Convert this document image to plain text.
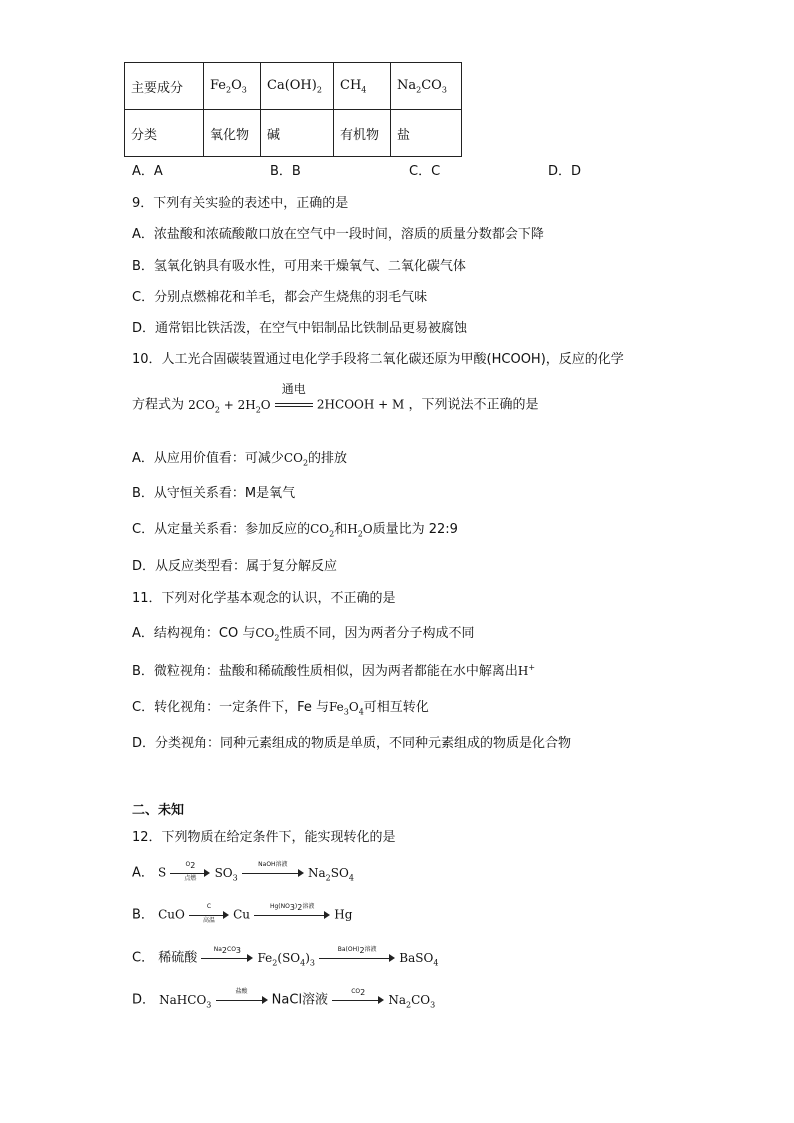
主要成分	$Fe_2O_3$	$Ca(OH)_2$	$CH_4$	$Na_2CO_3$
分类	氧化物	碱	有机物	盐
A．A	B．B	C．C	D．D
9．下列有关实验的表述中，正确的是
A．浓盐酸和浓硫酸敞口放在空气中一段时间，溶质的质量分数都会下降
B．氢氧化钠具有吸水性，可用来干燥氧气、二氧化碳气体
C．分别点燃棉花和羊毛，都会产生烧焦的羽毛气味
D．通常铝比铁活泼，在空气中铝制品比铁制品更易被腐蚀
10．人工光合固碳装置通过电化学手段将二氧化碳还原为甲酸(HCOOH)，反应的化学
方程式为 $2CO_2 + 2H_2O$
通电
2HCOOH + M ，下列说法不正确的是
A．从应用价值看：可减少$CO_2$的排放
B．从守恒关系看：M是氧气
C．从定量关系看：参加反应的$CO_2$和$H_2O$质量比为 22:9
D．从反应类型看：属于复分解反应
11．下列对化学基本观念的认识，不正确的是
A．结构视角：CO 与$CO_2$性质不同，因为两者分子构成不同
B．微粒视角：盐酸和稀硫酸性质相似，因为两者都能在水中解离出H+
C．转化视角：一定条件下，Fe 与$Fe_3O_4$可相互转化
D．分类视角：同种元素组成的物质是单质，不同种元素组成的物质是化合物
二、未知
12．下列物质在给定条件下，能实现转化的是
A． S
$O_2$
点燃	$SO_3$
NaOH溶液
$Na_2SO_4$
B． CuO
C
高温	Cu
$Hg(NO_3)_2$溶液
Hg
C． 稀硫酸
$Na_2CO_3$	$Fe_2(SO_4)_3$
$Ba(OH)_2$溶液
BaSO$_4$
D． NaHCO$_3$
盐酸
NaCl溶液
$CO_2$	$Na_2CO_3$
